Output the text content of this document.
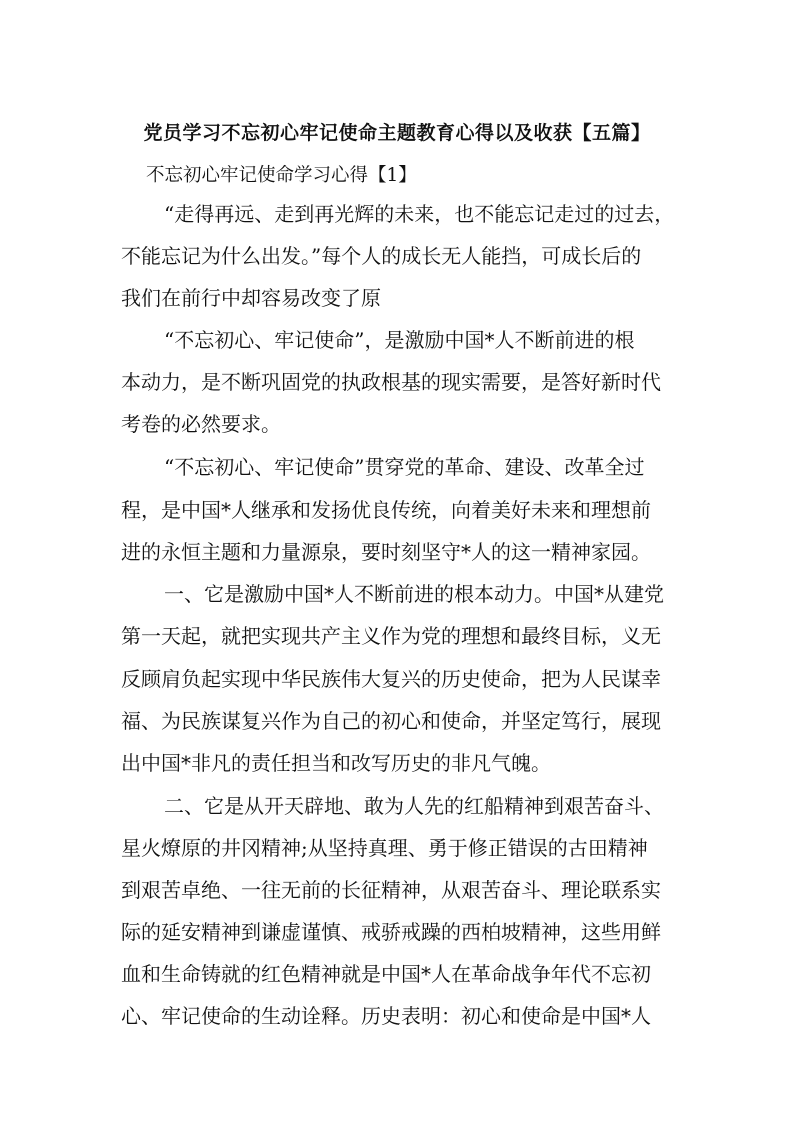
党员学习不忘初心牢记使命主题教育心得以及收获【五篇】
不忘初心牢记使命学习心得【1】
“走得再远、走到再光辉的未来，也不能忘记走过的过去，
不能忘记为什么出发。”每个人的成长无人能挡，可成长后的
我们在前行中却容易改变了原
“不忘初心、牢记使命”，是激励中国*人不断前进的根
本动力，是不断巩固党的执政根基的现实需要，是答好新时代
考卷的必然要求。
“不忘初心、牢记使命”贯穿党的革命、建设、改革全过
程，是中国*人继承和发扬优良传统，向着美好未来和理想前
进的永恒主题和力量源泉，要时刻坚守*人的这一精神家园。
一、它是激励中国*人不断前进的根本动力。中国*从建党
第一天起，就把实现共产主义作为党的理想和最终目标，义无
反顾肩负起实现中华民族伟大复兴的历史使命，把为人民谋幸
福、为民族谋复兴作为自己的初心和使命，并坚定笃行，展现
出中国*非凡的责任担当和改写历史的非凡气魄。
二、它是从开天辟地、敢为人先的红船精神到艰苦奋斗、
星火燎原的井冈精神;从坚持真理、勇于修正错误的古田精神
到艰苦卓绝、一往无前的长征精神，从艰苦奋斗、理论联系实
际的延安精神到谦虚谨慎、戒骄戒躁的西柏坡精神，这些用鲜
血和生命铸就的红色精神就是中国*人在革命战争年代不忘初
心、牢记使命的生动诠释。历史表明：初心和使命是中国*人
